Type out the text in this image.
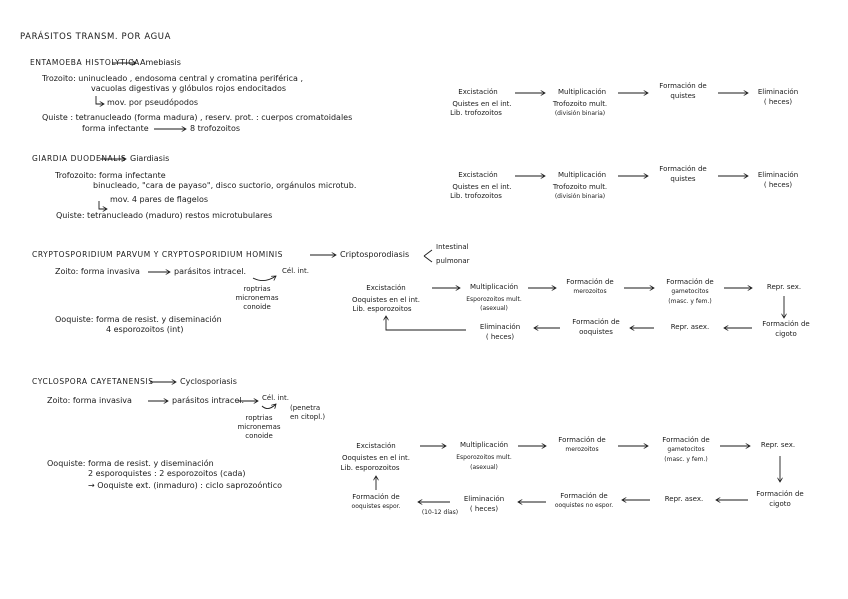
PARÁSITOS TRANSM. POR AGUA
ENTAMOEBA HISTOLYTICA Amebiasis
Trozoito: uninucleado , endosoma central y cromatina periférica ,
vacuolas digestivas y glóbulos rojos endocitados
mov. por pseudópodos
Quiste : tetranucleado (forma madura) , reserv. prot. : cuerpos cromatoidales
forma infectante	8 trofozoitos
Excistación
Quistes en el int.
Lib. trofozoitos
Multiplicación
Trofozoito mult.
(división binaria)
Formación de
quistes	Eliminación
( heces)
GIARDIA DUODENALIS Giardiasis
Trofozoito: forma infectante
binucleado, "cara de payaso", disco suctorio, orgánulos microtub.
mov. 4 pares de flagelos
Quiste: tetranucleado (maduro) restos microtubulares
Excistación
Quistes en el int.
Lib. trofozoitos
Multiplicación
Trofozoito mult.
(división binaria)
Formación de
quistes	Eliminación
( heces)
CRYPTOSPORIDIUM PARVUM Y CRYPTOSPORIDIUM HOMINIS	Criptosporodiasis
Intestinal
pulmonar
Zoito: forma invasiva	parásitos intracel.	Cél. int.
roptrias
micronemas
conoide
Ooquiste: forma de resist. y diseminación
4 esporozoitos (int)
Excistación
Ooquistes en el int.
Lib. esporozoitos
Multiplicación
Esporozoitos mult.
(asexual)
Formación de
merozoitos
Formación de
gametocitos
(masc. y fem.)
Repr. sex.
Formación de
cigoto
Repr. asex.
Formación de
ooquistes
Eliminación
( heces)
CYCLOSPORA CAYETANENSIS	Cyclosporiasis
Zoito: forma invasiva	parásitos intracel.	Cél. int.
(penetra
en citopl.)
roptrias
micronemas
conoide
Ooquiste: forma de resist. y diseminación
2 esporoquistes : 2 esporozoitos (cada)
→ Ooquiste ext. (inmaduro) : ciclo saprozoóntico
Excistación
Ooquistes en el int.
Lib. esporozoitos
Multiplicación
Esporozoitos mult.
(asexual)
Formación de
merozoitos
Formación de
gametocitos
(masc. y fem.)
Repr. sex.
Formación de
cigoto
Repr. asex.
Formación de
ooquistes no espor.
Eliminación
( heces)
(10-12 días)
Formación de
ooquistes espor.
